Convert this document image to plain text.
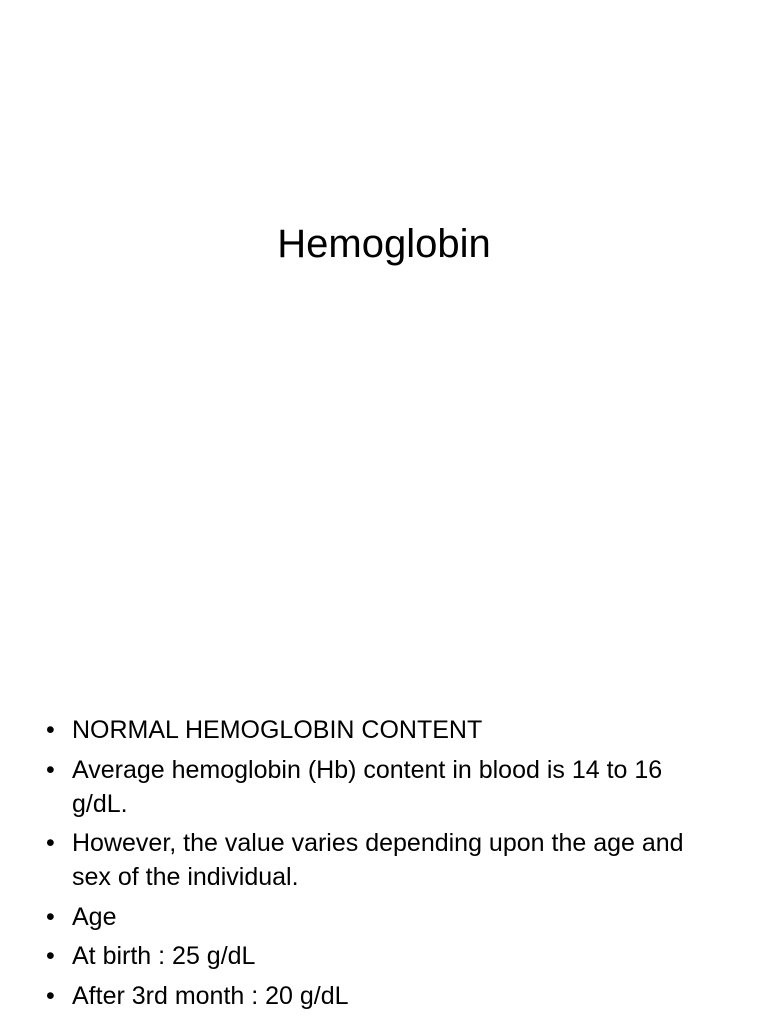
Hemoglobin
• NORMAL HEMOGLOBIN CONTENT
• Average hemoglobin (Hb) content in blood is 14 to 16 g/dL.
• However, the value varies depending upon the age and sex of the individual.
• Age
• At birth : 25 g/dL
• After 3rd month : 20 g/dL
